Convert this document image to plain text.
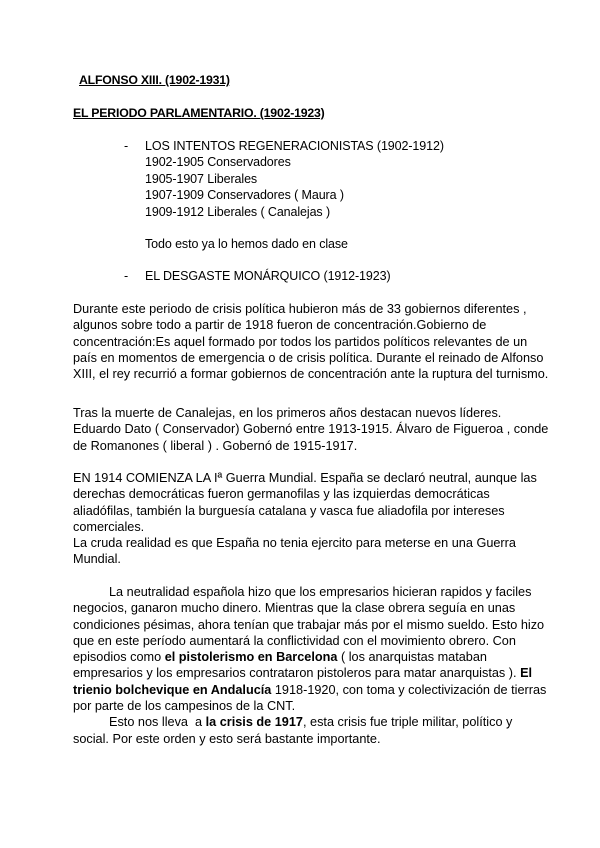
ALFONSO XIII. (1902-1931)
EL PERIODO PARLAMENTARIO. (1902-1923)
- LOS INTENTOS REGENERACIONISTAS (1902-1912)
1902-1905 Conservadores
1905-1907 Liberales
1907-1909 Conservadores ( Maura )
1909-1912 Liberales ( Canalejas )
Todo esto ya lo hemos dado en clase
- EL DESGASTE MONÁRQUICO (1912-1923)
Durante este periodo de crisis política hubieron más de 33 gobiernos diferentes ,
algunos sobre todo a partir de 1918 fueron de concentración.Gobierno de
concentración:Es aquel formado por todos los partidos políticos relevantes de un
país en momentos de emergencia o de crisis política. Durante el reinado de Alfonso
XIII, el rey recurrió a formar gobiernos de concentración ante la ruptura del turnismo.
Tras la muerte de Canalejas, en los primeros años destacan nuevos líderes.
Eduardo Dato ( Conservador) Gobernó entre 1913-1915. Álvaro de Figueroa , conde
de Romanones ( liberal ) . Gobernó de 1915-1917.
EN 1914 COMIENZA LA Iª Guerra Mundial. España se declaró neutral, aunque las
derechas democráticas fueron germanofilas y las izquierdas democráticas
aliadófilas, también la burguesía catalana y vasca fue aliadofila por intereses
comerciales.
La cruda realidad es que España no tenia ejercito para meterse en una Guerra
Mundial.
La neutralidad española hizo que los empresarios hicieran rapidos y faciles
negocios, ganaron mucho dinero. Mientras que la clase obrera seguía en unas
condiciones pésimas, ahora tenían que trabajar más por el mismo sueldo. Esto hizo
que en este período aumentará la conflictividad con el movimiento obrero. Con
episodios como el pistolerismo en Barcelona ( los anarquistas mataban
empresarios y los empresarios contrataron pistoleros para matar anarquistas ). El
trienio bolchevique en Andalucía 1918-1920, con toma y colectivización de tierras
por parte de los campesinos de la CNT.
Esto nos lleva  a la crisis de 1917, esta crisis fue triple militar, político y
social. Por este orden y esto será bastante importante.
